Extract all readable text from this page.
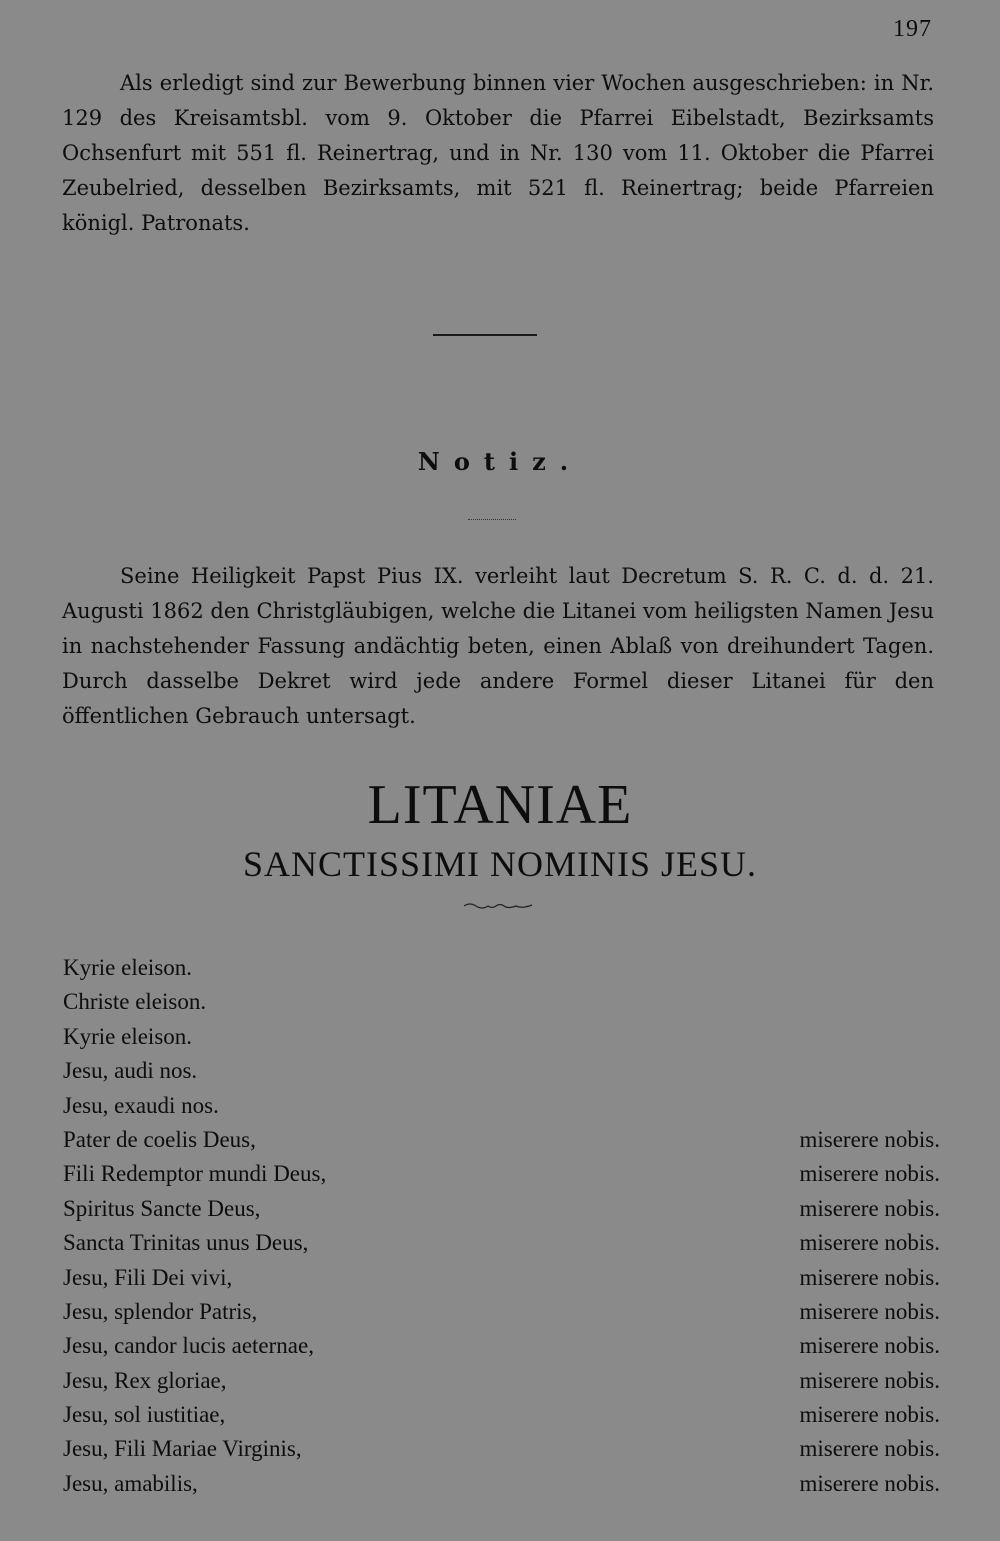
197

Als erledigt sind zur Bewerbung binnen vier Wochen ausgeschrieben: in Nr. 129 des Kreisamtsbl. vom 9. Oktober die Pfarrei Eibelstadt, Bezirksamts Ochsenfurt mit 551 fl. Reinertrag, und in Nr. 130 vom 11. Oktober die Pfarrei Zeubelried, desselben Bezirksamts, mit 521 fl. Reinertrag; beide Pfarreien königl. Patronats.

Notiz.

Seine Heiligkeit Papst Pius IX. verleiht laut Decretum S. R. C. d. d. 21. Augusti 1862 den Christgläubigen, welche die Litanei vom heiligsten Namen Jesu in nachstehender Fassung andächtig beten, einen Ablaß von dreihundert Tagen. Durch dasselbe Dekret wird jede andere Formel dieser Litanei für den öffentlichen Gebrauch untersagt.

LITANIAE
SANCTISSIMI NOMINIS JESU.
Kyrie eleison.
Christe eleison.
Kyrie eleison.
Jesu, audi nos.
Jesu, exaudi nos.
Pater de coelis Deus,	miserere nobis.
Fili Redemptor mundi Deus,	miserere nobis.
Spiritus Sancte Deus,	miserere nobis.
Sancta Trinitas unus Deus,	miserere nobis.
Jesu, Fili Dei vivi,	miserere nobis.
Jesu, splendor Patris,	miserere nobis.
Jesu, candor lucis aeternae,	miserere nobis.
Jesu, Rex gloriae,	miserere nobis.
Jesu, sol iustitiae,	miserere nobis.
Jesu, Fili Mariae Virginis,	miserere nobis.
Jesu, amabilis,	miserere nobis.
